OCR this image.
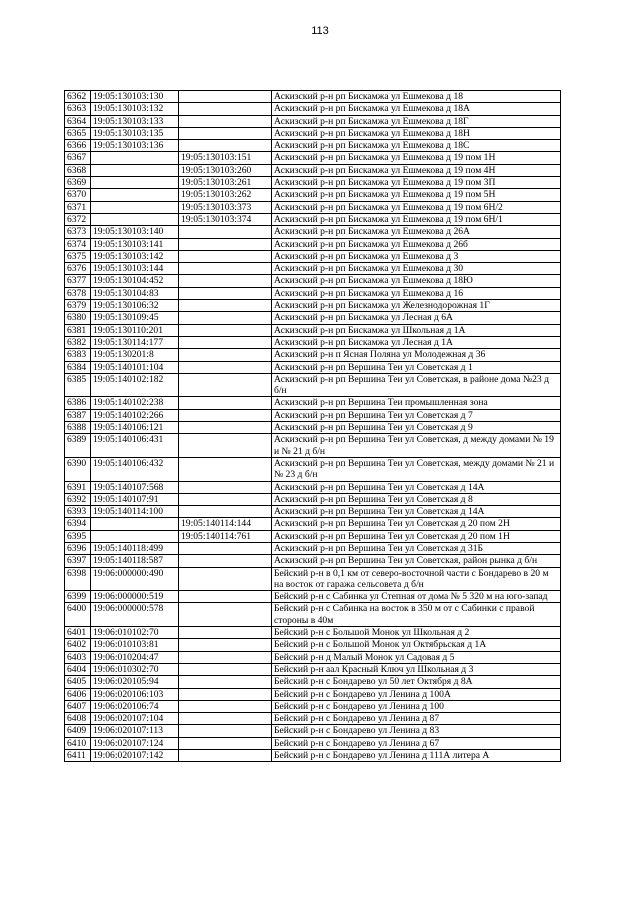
113
6362	19:05:130103:130		Аскизский р-н рп Бискамжа ул Ешмекова д 18
6363	19:05:130103:132		Аскизский р-н рп Бискамжа ул Ешмекова д 18А
6364	19:05:130103:133		Аскизский р-н рп Бискамжа ул Ешмекова д 18Г
6365	19:05:130103:135		Аскизский р-н рп Бискамжа ул Ешмекова д 18Н
6366	19:05:130103:136		Аскизский р-н рп Бискамжа ул Ешмекова д 18С
6367		19:05:130103:151	Аскизский р-н рп Бискамжа ул Ешмекова д 19 пом 1Н
6368		19:05:130103:260	Аскизский р-н рп Бискамжа ул Ешмекова д 19 пом 4Н
6369		19:05:130103:261	Аскизский р-н рп Бискамжа ул Ешмекова д 19 пом 3П
6370		19:05:130103:262	Аскизский р-н рп Бискамжа ул Ешмекова д 19 пом 5Н
6371		19:05:130103:373	Аскизский р-н рп Бискамжа ул Ешмекова д 19 пом 6Н/2
6372		19:05:130103:374	Аскизский р-н рп Бискамжа ул Ешмекова д 19 пом 6Н/1
6373	19:05:130103:140		Аскизский р-н рп Бискамжа ул Ешмекова д 26А
6374	19:05:130103:141		Аскизский р-н рп Бискамжа ул Ешмекова д 26б
6375	19:05:130103:142		Аскизский р-н рп Бискамжа ул Ешмекова д 3
6376	19:05:130103:144		Аскизский р-н рп Бискамжа ул Ешмекова д 30
6377	19:05:130104:452		Аскизский р-н рп Бискамжа ул Ешмекова д 18Ю
6378	19:05:130104:83		Аскизский р-н рп Бискамжа ул Ешмекова д 16
6379	19:05:130106:32		Аскизский р-н рп Бискамжа ул Железнодорожная 1Г
6380	19:05:130109:45		Аскизский р-н рп Бискамжа ул Лесная д 6А
6381	19:05:130110:201		Аскизский р-н рп Бискамжа ул Школьная д 1А
6382	19:05:130114:177		Аскизский р-н рп Бискамжа ул Лесная д 1А
6383	19:05:130201:8		Аскизский р-н п Ясная Поляна ул Молодежная д 36
6384	19:05:140101:104		Аскизский р-н рп Вершина Теи ул Советская д 1
6385	19:05:140102:182		Аскизский р-н рп Вершина Теи ул Советская, в районе дома №23 д б/н
6386	19:05:140102:238		Аскизский р-н рп Вершина Теи промышленная зона
6387	19:05:140102:266		Аскизский р-н рп Вершина Теи ул Советская д 7
6388	19:05:140106:121		Аскизский р-н рп Вершина Теи ул Советская д 9
6389	19:05:140106:431		Аскизский р-н рп Вершина Теи ул Советская, д между домами № 19 и № 21 д б/н
6390	19:05:140106:432		Аскизский р-н рп Вершина Теи ул Советская, между домами № 21 и № 23 д б/н
6391	19:05:140107:568		Аскизский р-н рп Вершина Теи ул Советская д 14А
6392	19:05:140107:91		Аскизский р-н рп Вершина Теи ул Советская д 8
6393	19:05:140114:100		Аскизский р-н рп Вершина Теи ул Советская д 14А
6394		19:05:140114:144	Аскизский р-н рп Вершина Теи ул Советская д 20 пом 2Н
6395		19:05:140114:761	Аскизский р-н рп Вершина Теи ул Советская д 20 пом 1Н
6396	19:05:140118:499		Аскизский р-н рп Вершина Теи ул Советская д 31Б
6397	19:05:140118:587		Аскизский р-н рп Вершина Теи ул Советская, район рынка д б/н
6398	19:06:000000:490		Бейский р-н в 0,1 км от северо-восточной части с Бондарево в 20 м на восток от гаража сельсовета д б/н
6399	19:06:000000:519		Бейский р-н с Сабинка ул Степная от дома № 5 320 м на юго-запад
6400	19:06:000000:578		Бейский р-н с Сабинка на восток в 350 м от с Сабинки с правой стороны в 40м
6401	19:06:010102:70		Бейский р-н с Большой Монок ул Школьная д 2
6402	19:06:010103:81		Бейский р-н с Большой Монок ул Октябрьская д 1А
6403	19:06:010204:47		Бейский р-н д Малый Монок ул Садовая д 5
6404	19:06:010302:70		Бейский р-н аал Красный Ключ ул Школьная д 3
6405	19:06:020105:94		Бейский р-н с Бондарево ул 50 лет Октября д 8А
6406	19:06:020106:103		Бейский р-н с Бондарево ул Ленина д 100А
6407	19:06:020106:74		Бейский р-н с Бондарево ул Ленина д 100
6408	19:06:020107:104		Бейский р-н с Бондарево ул Ленина д 87
6409	19:06:020107:113		Бейский р-н с Бондарево ул Ленина д 83
6410	19:06:020107:124		Бейский р-н с Бондарево ул Ленина д 67
6411	19:06:020107:142		Бейский р-н с Бондарево ул Ленина д 111А литера А
